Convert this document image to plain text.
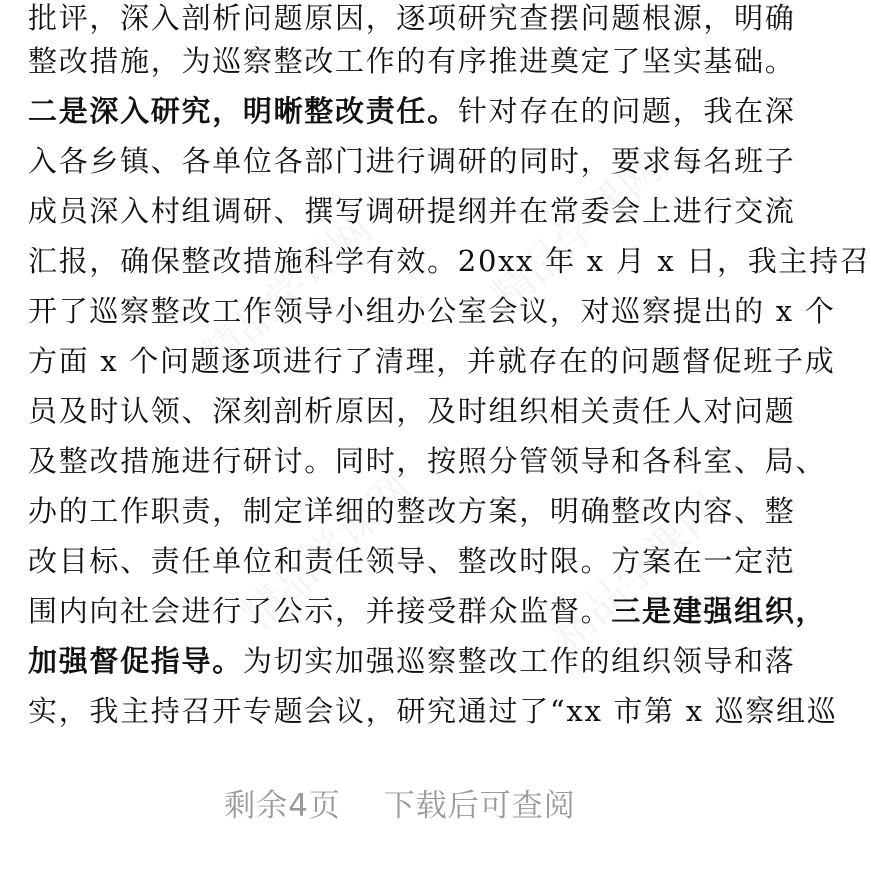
批评，深入剖析问题原因，逐项研究查摆问题根源，明确
整改措施，为巡察整改工作的有序推进奠定了坚实基础。
二是深入研究，明晰整改责任。针对存在的问题，我在深
入各乡镇、各单位各部门进行调研的同时，要求每名班子
成员深入村组调研、撰写调研提纲并在常委会上进行交流
汇报，确保整改措施科学有效。20xx 年 x 月 x 日，我主持召
开了巡察整改工作领导小组办公室会议，对巡察提出的 x 个
方面 x 个问题逐项进行了清理，并就存在的问题督促班子成
员及时认领、深刻剖析原因，及时组织相关责任人对问题
及整改措施进行研讨。同时，按照分管领导和各科室、局、
办的工作职责，制定详细的整改方案，明确整改内容、整
改目标、责任单位和责任领导、整改时限。方案在一定范
围内向社会进行了公示，并接受群众监督。三是建强组织，
加强督促指导。为切实加强巡察整改工作的组织领导和落
实，我主持召开专题会议，研究通过了“xx 市第 x 巡察组巡
剩余4页 下载后可查阅
